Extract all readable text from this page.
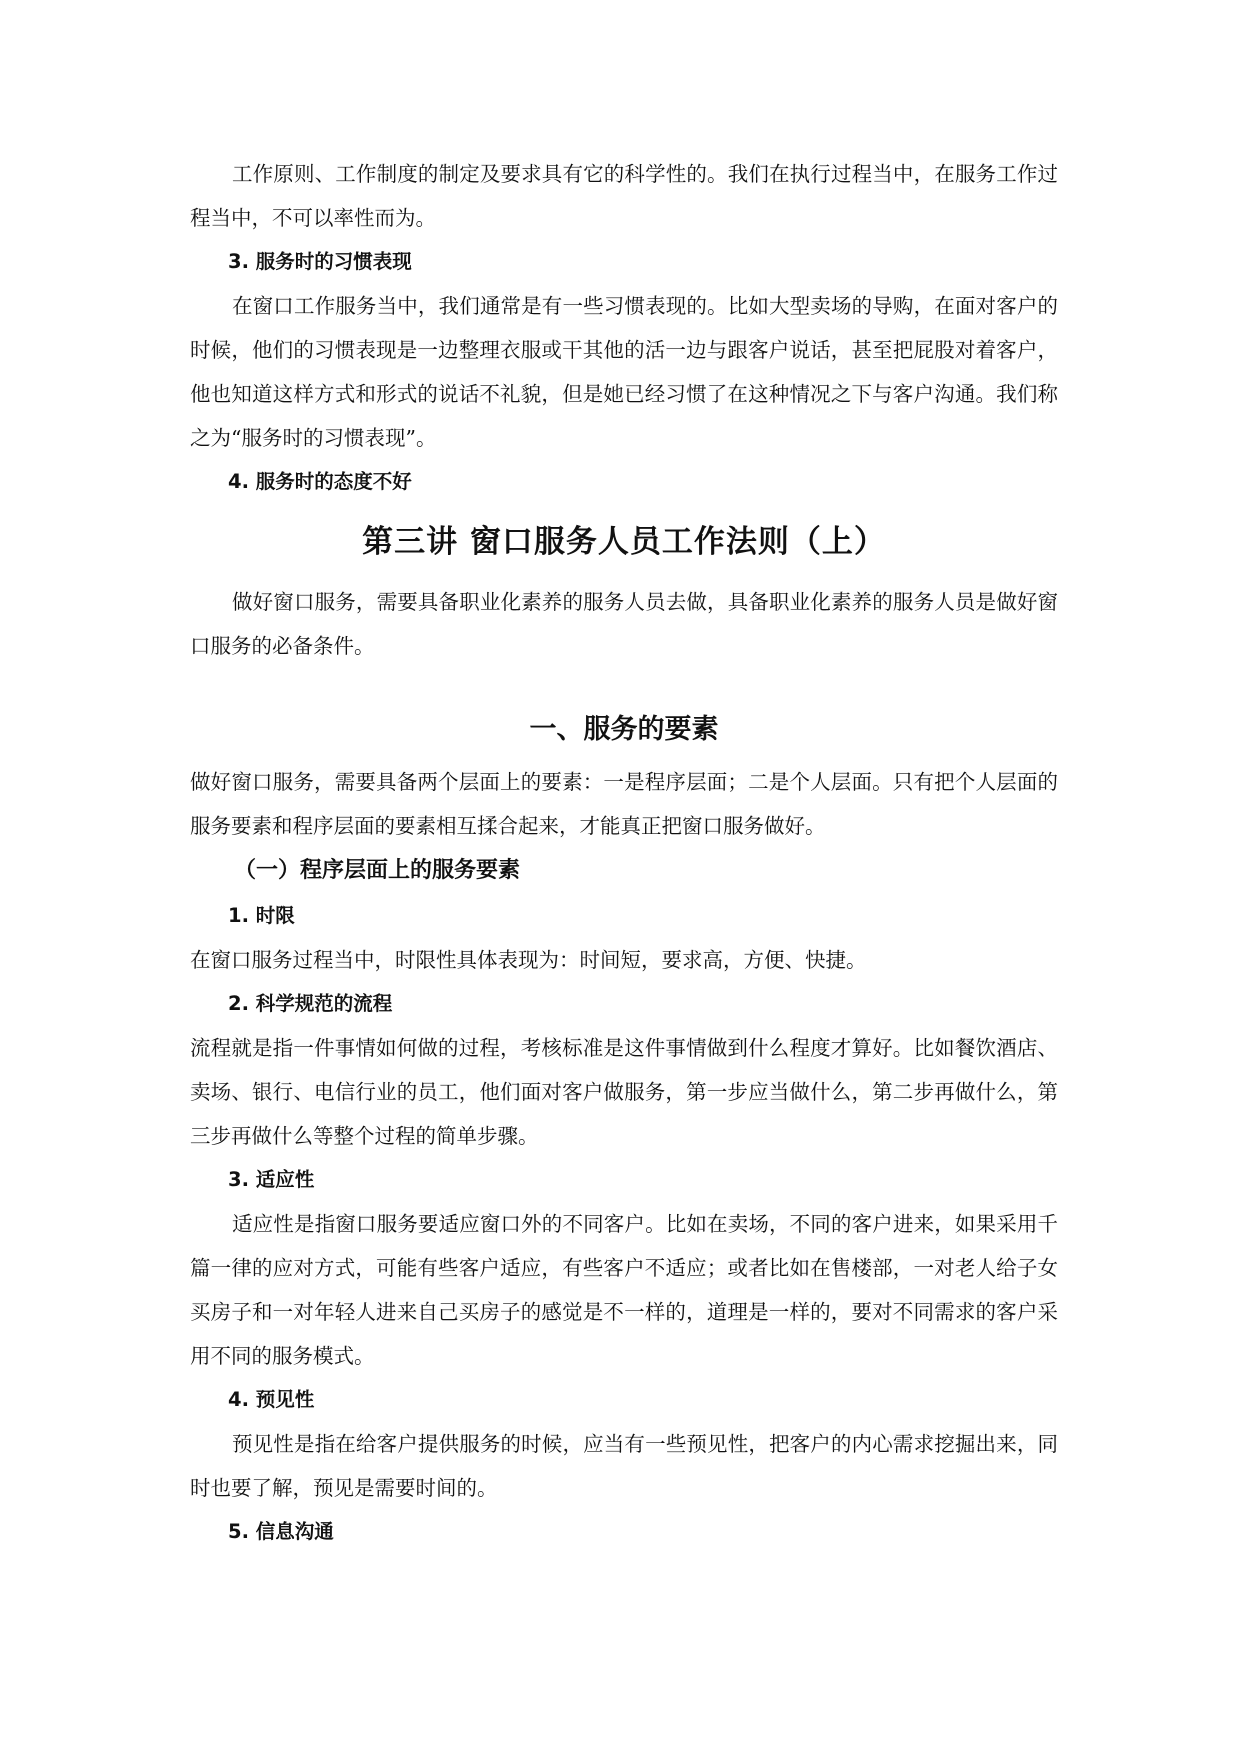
工作原则、工作制度的制定及要求具有它的科学性的。我们在执行过程当中，在服务工作过程当中，不可以率性而为。

3. 服务时的习惯表现

在窗口工作服务当中，我们通常是有一些习惯表现的。比如大型卖场的导购，在面对客户的时候，他们的习惯表现是一边整理衣服或干其他的活一边与跟客户说话，甚至把屁股对着客户，他也知道这样方式和形式的说话不礼貌，但是她已经习惯了在这种情况之下与客户沟通。我们称之为“服务时的习惯表现”。

4. 服务时的态度不好

第三讲 窗口服务人员工作法则（上）

做好窗口服务，需要具备职业化素养的服务人员去做，具备职业化素养的服务人员是做好窗口服务的必备条件。

一、服务的要素

做好窗口服务，需要具备两个层面上的要素：一是程序层面；二是个人层面。只有把个人层面的服务要素和程序层面的要素相互揉合起来，才能真正把窗口服务做好。

（一）程序层面上的服务要素

1. 时限

在窗口服务过程当中，时限性具体表现为：时间短，要求高，方便、快捷。

2. 科学规范的流程

流程就是指一件事情如何做的过程，考核标准是这件事情做到什么程度才算好。比如餐饮酒店、卖场、银行、电信行业的员工，他们面对客户做服务，第一步应当做什么，第二步再做什么，第三步再做什么等整个过程的简单步骤。

3. 适应性

适应性是指窗口服务要适应窗口外的不同客户。比如在卖场，不同的客户进来，如果采用千篇一律的应对方式，可能有些客户适应，有些客户不适应；或者比如在售楼部，一对老人给子女买房子和一对年轻人进来自己买房子的感觉是不一样的，道理是一样的，要对不同需求的客户采用不同的服务模式。

4. 预见性

预见性是指在给客户提供服务的时候，应当有一些预见性，把客户的内心需求挖掘出来，同时也要了解，预见是需要时间的。

5. 信息沟通
